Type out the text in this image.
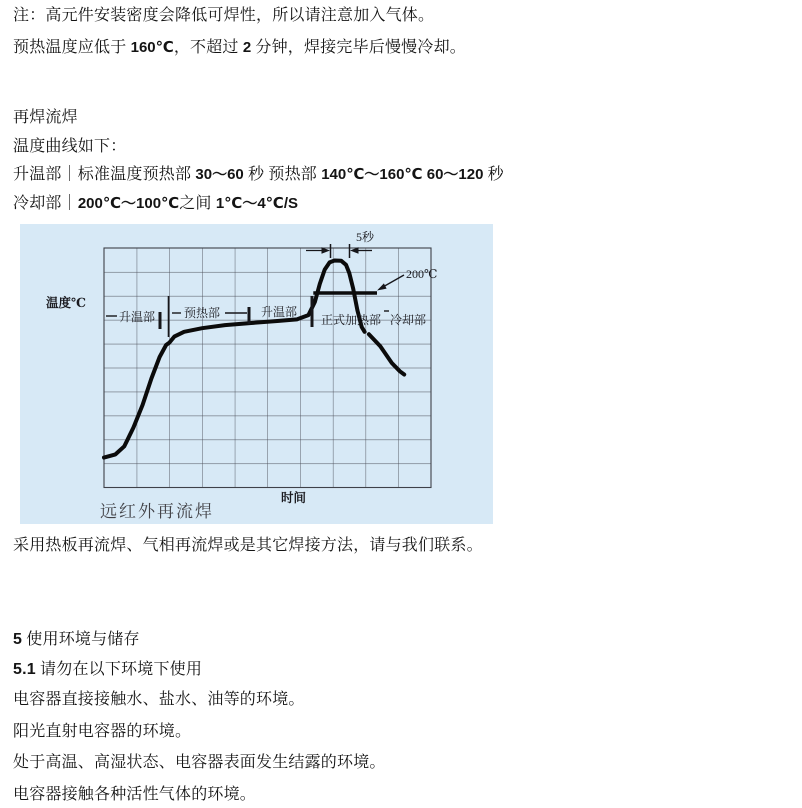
注：高元件安装密度会降低可焊性，所以请注意加入气体。
预热温度应低于 160℃，不超过 2 分钟，焊接完毕后慢慢冷却。
再焊流焊
温度曲线如下：
升温部｜标准温度预热部 30～60 秒 预热部 140℃～160℃ 60～120 秒
冷却部｜200℃～100℃之间 1℃～4℃/S
温度℃
升温部 预热部	升温部
正式加热部 冷却部
5秒
200℃
时间
远红外再流焊
采用热板再流焊、气相再流焊或是其它焊接方法，请与我们联系。
5 使用环境与储存
5.1 请勿在以下环境下使用
电容器直接接触水、盐水、油等的环境。
阳光直射电容器的环境。
处于高温、高湿状态、电容器表面发生结露的环境。
电容器接触各种活性气体的环境。
